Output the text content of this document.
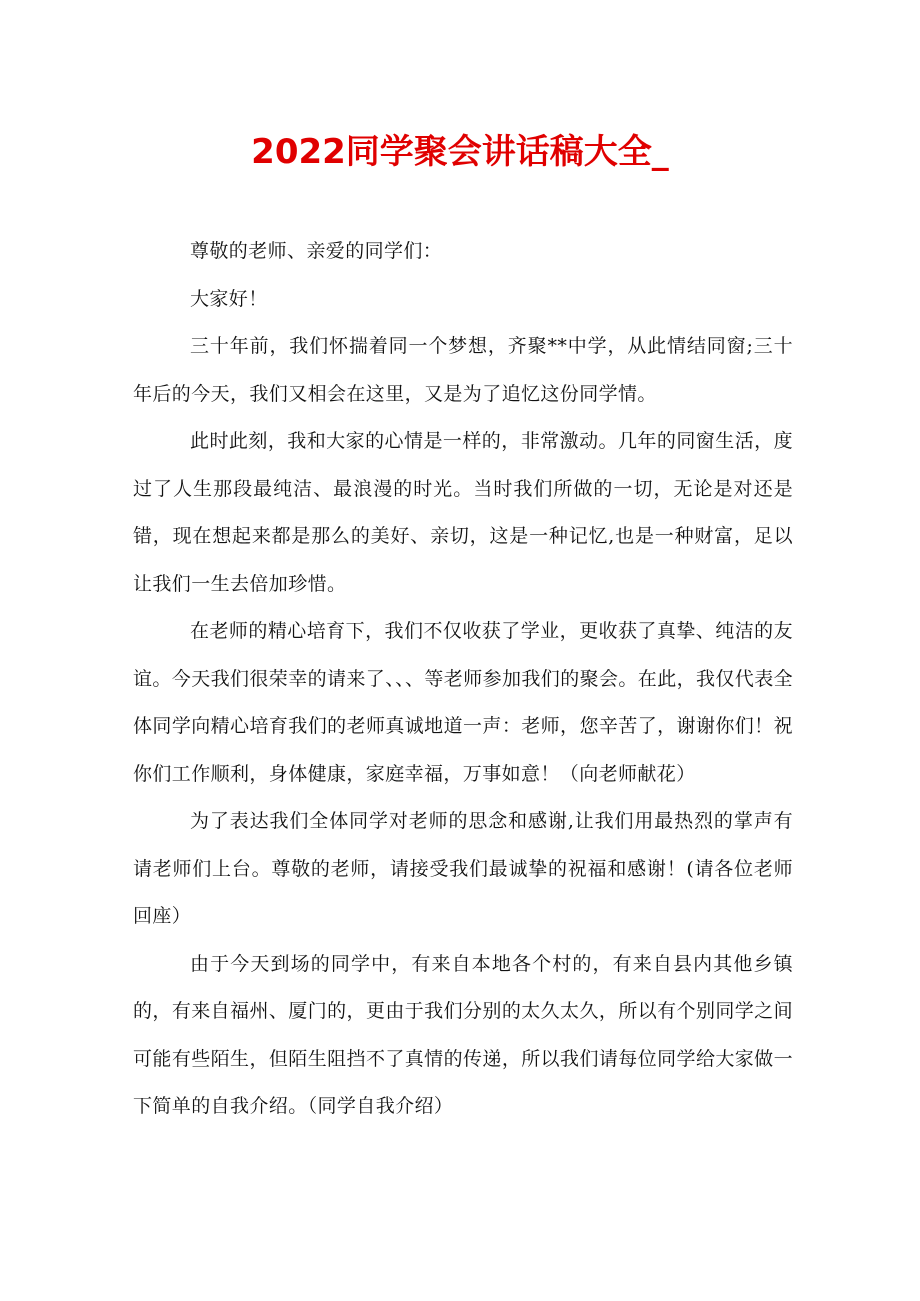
2022同学聚会讲话稿大全_

尊敬的老师、亲爱的同学们：

大家好！

三十年前，我们怀揣着同一个梦想，齐聚**中学，从此情结同窗;三十年后的今天，我们又相会在这里，又是为了追忆这份同学情。

此时此刻，我和大家的心情是一样的，非常激动。几年的同窗生活，度过了人生那段最纯洁、最浪漫的时光。当时我们所做的一切，无论是对还是错，现在想起来都是那么的美好、亲切，这是一种记忆,也是一种财富，足以让我们一生去倍加珍惜。

在老师的精心培育下，我们不仅收获了学业，更收获了真挚、纯洁的友谊。今天我们很荣幸的请来了、、、等老师参加我们的聚会。在此，我仅代表全体同学向精心培育我们的老师真诚地道一声：老师，您辛苦了，谢谢你们！祝你们工作顺利，身体健康，家庭幸福，万事如意！（向老师献花）

为了表达我们全体同学对老师的思念和感谢,让我们用最热烈的掌声有请老师们上台。尊敬的老师，请接受我们最诚挚的祝福和感谢！(请各位老师回座）

由于今天到场的同学中，有来自本地各个村的，有来自县内其他乡镇的，有来自福州、厦门的，更由于我们分别的太久太久，所以有个别同学之间可能有些陌生，但陌生阻挡不了真情的传递，所以我们请每位同学给大家做一下简单的自我介绍。（同学自我介绍）
